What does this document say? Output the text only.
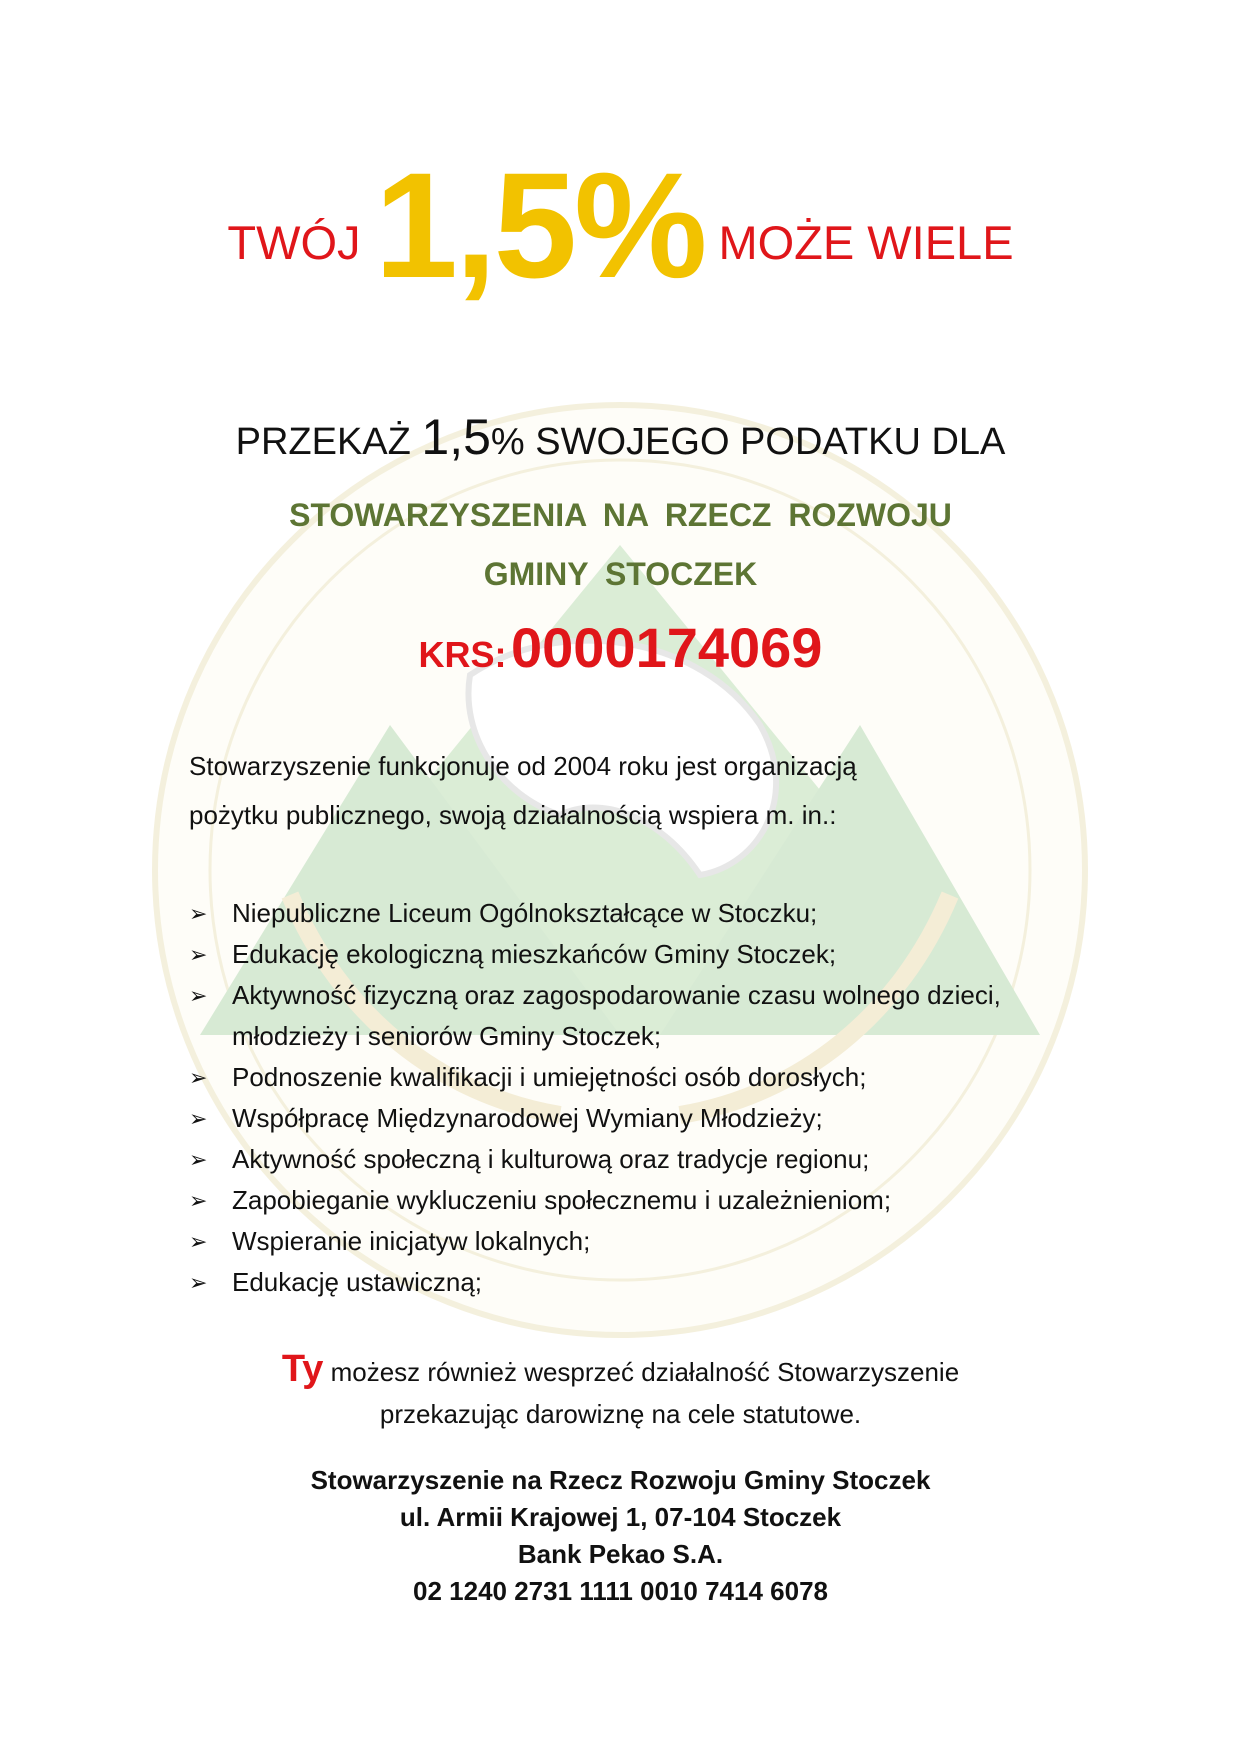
TWÓJ1,5% MOŻE WIELE
PRZEKAŻ 1,5% SWOJEGO PODATKU DLA
STOWARZYSZENIA NA RZECZ ROZWOJU
GMINY STOCZEK
KRS: 0000174069
Stowarzyszenie funkcjonuje od 2004 roku jest organizacją
pożytku publicznego, swoją działalnością wspiera m. in.:
➢ Niepubliczne Liceum Ogólnokształcące w Stoczku;
➢ Edukację ekologiczną mieszkańców Gminy Stoczek;
➢ Aktywność fizyczną oraz zagospodarowanie czasu wolnego dzieci, młodzieży i seniorów Gminy Stoczek;
➢ Podnoszenie kwalifikacji i umiejętności osób dorosłych;
➢ Współpracę Międzynarodowej Wymiany Młodzieży;
➢ Aktywność społeczną i kulturową oraz tradycje regionu;
➢ Zapobieganie wykluczeniu społecznemu i uzależnieniom;
➢ Wspieranie inicjatyw lokalnych;
➢ Edukację ustawiczną;
Ty możesz również wesprzeć działalność Stowarzyszenie
przekazując darowiznę na cele statutowe.
Stowarzyszenie na Rzecz Rozwoju Gminy Stoczek
ul. Armii Krajowej 1, 07-104 Stoczek
Bank Pekao S.A.
02 1240 2731 1111 0010 7414 6078
